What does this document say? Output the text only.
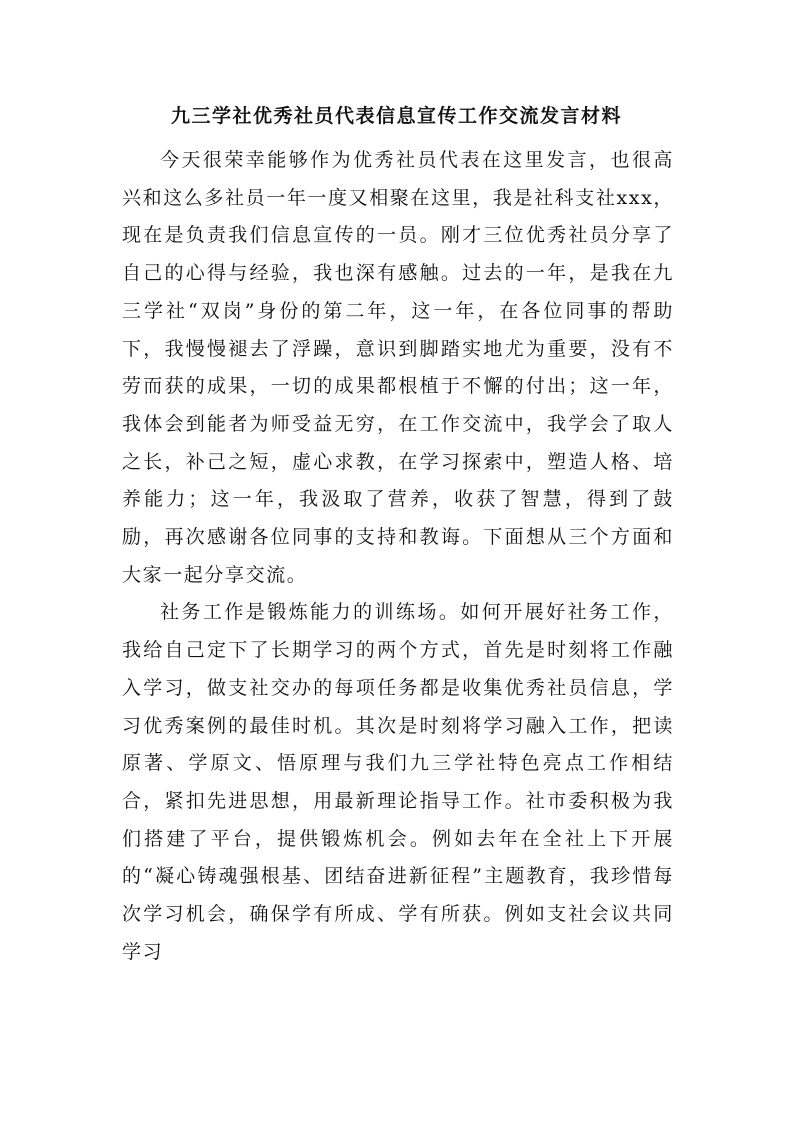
九三学社优秀社员代表信息宣传工作交流发言材料

今天很荣幸能够作为优秀社员代表在这里发言，也很高兴和这么多社员一年一度又相聚在这里，我是社科支社xxx，现在是负责我们信息宣传的一员。刚才三位优秀社员分享了自己的心得与经验，我也深有感触。过去的一年，是我在九三学社“双岗”身份的第二年，这一年，在各位同事的帮助下，我慢慢褪去了浮躁，意识到脚踏实地尤为重要，没有不劳而获的成果，一切的成果都根植于不懈的付出；这一年，我体会到能者为师受益无穷，在工作交流中，我学会了取人之长，补己之短，虚心求教，在学习探索中，塑造人格、培养能力；这一年，我汲取了营养，收获了智慧，得到了鼓励，再次感谢各位同事的支持和教诲。下面想从三个方面和大家一起分享交流。

社务工作是锻炼能力的训练场。如何开展好社务工作，我给自己定下了长期学习的两个方式，首先是时刻将工作融入学习，做支社交办的每项任务都是收集优秀社员信息，学习优秀案例的最佳时机。其次是时刻将学习融入工作，把读原著、学原文、悟原理与我们九三学社特色亮点工作相结合，紧扣先进思想，用最新理论指导工作。社市委积极为我们搭建了平台，提供锻炼机会。例如去年在全社上下开展的“凝心铸魂强根基、团结奋进新征程”主题教育，我珍惜每次学习机会，确保学有所成、学有所获。例如支社会议共同学习
